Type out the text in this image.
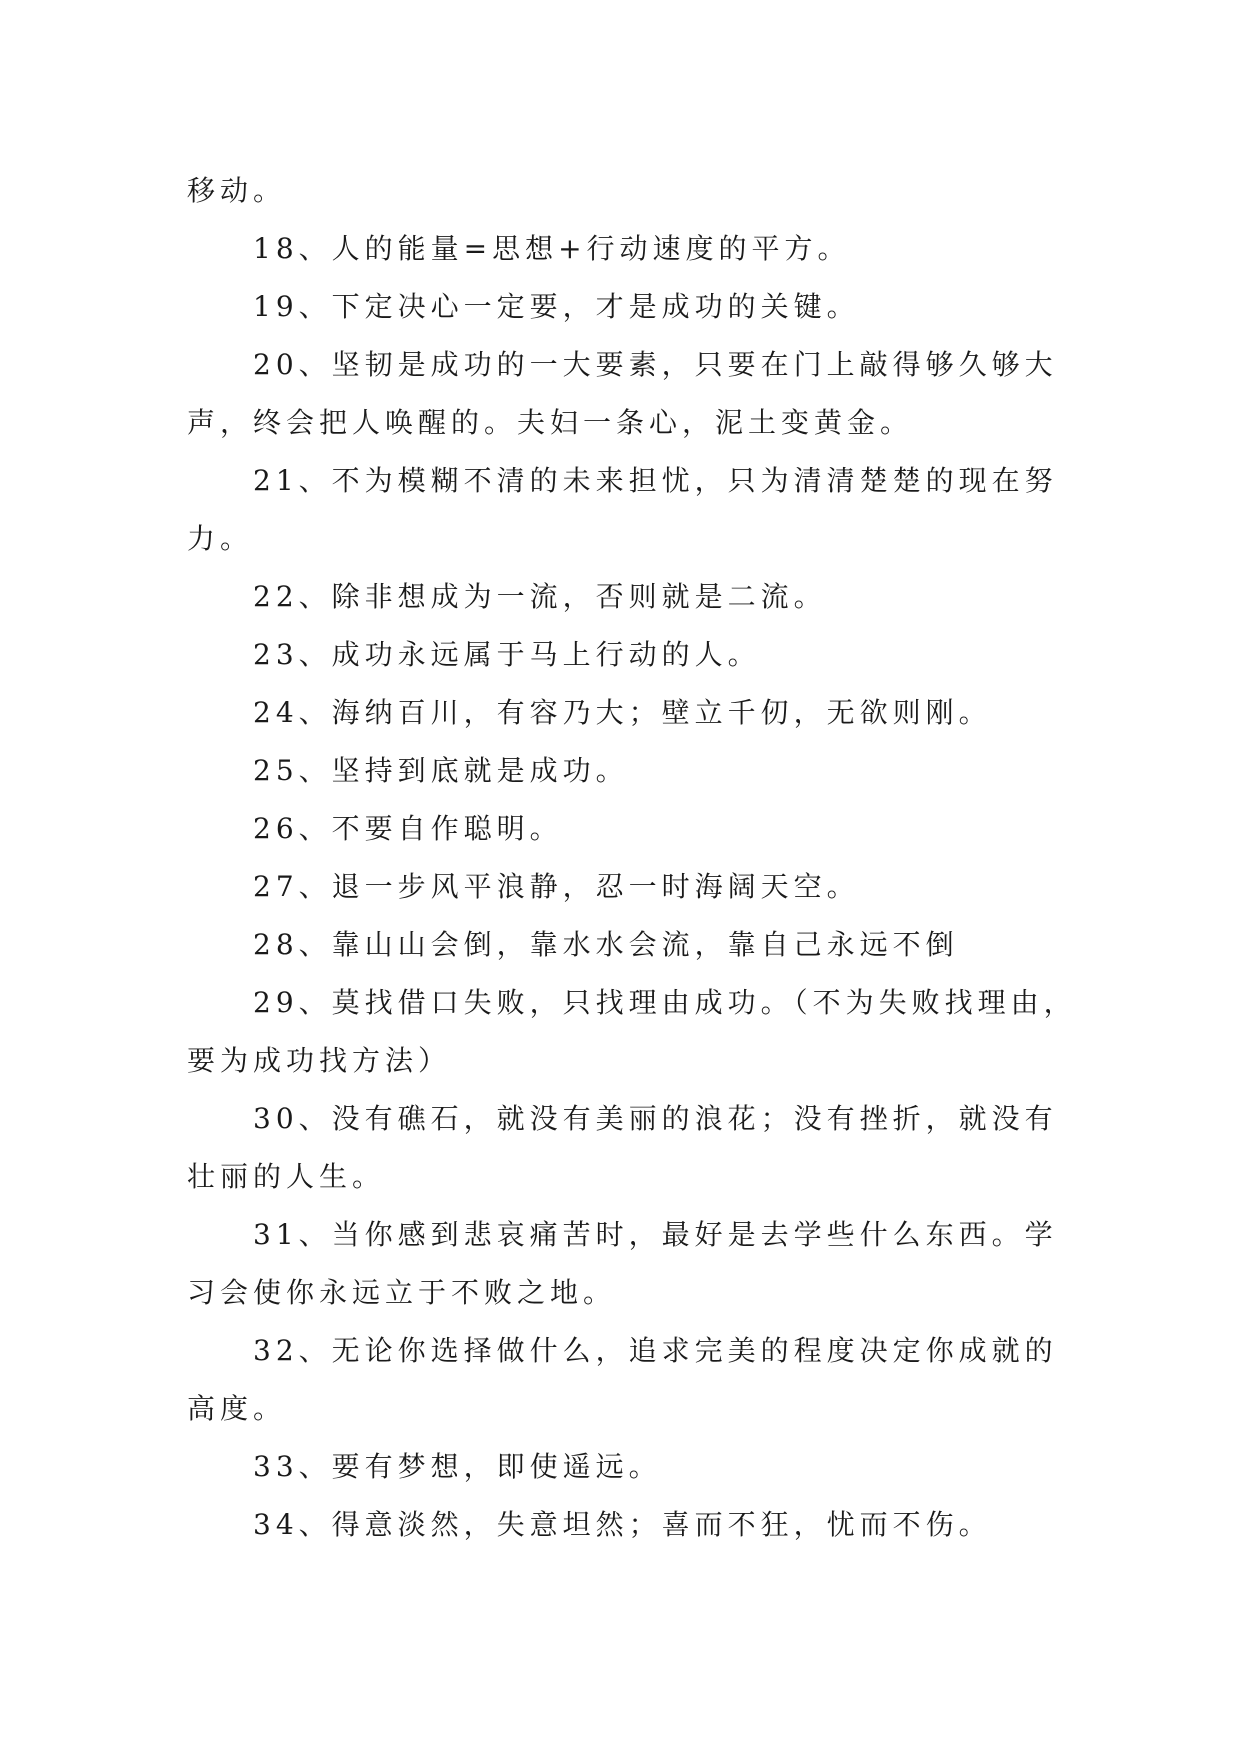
移动。
18、人的能量=思想+行动速度的平方。
19、下定决心一定要，才是成功的关键。
20、坚韧是成功的一大要素，只要在门上敲得够久够大
声，终会把人唤醒的。夫妇一条心，泥土变黄金。
21、不为模糊不清的未来担忧，只为清清楚楚的现在努
力。
22、除非想成为一流，否则就是二流。
23、成功永远属于马上行动的人。
24、海纳百川，有容乃大；壁立千仞，无欲则刚。
25、坚持到底就是成功。
26、不要自作聪明。
27、退一步风平浪静，忍一时海阔天空。
28、靠山山会倒，靠水水会流，靠自己永远不倒
29、莫找借口失败，只找理由成功。（不为失败找理由，
要为成功找方法）
30、没有礁石，就没有美丽的浪花；没有挫折，就没有
壮丽的人生。
31、当你感到悲哀痛苦时，最好是去学些什么东西。学
习会使你永远立于不败之地。
32、无论你选择做什么，追求完美的程度决定你成就的
高度。
33、要有梦想，即使遥远。
34、得意淡然，失意坦然；喜而不狂，忧而不伤。
